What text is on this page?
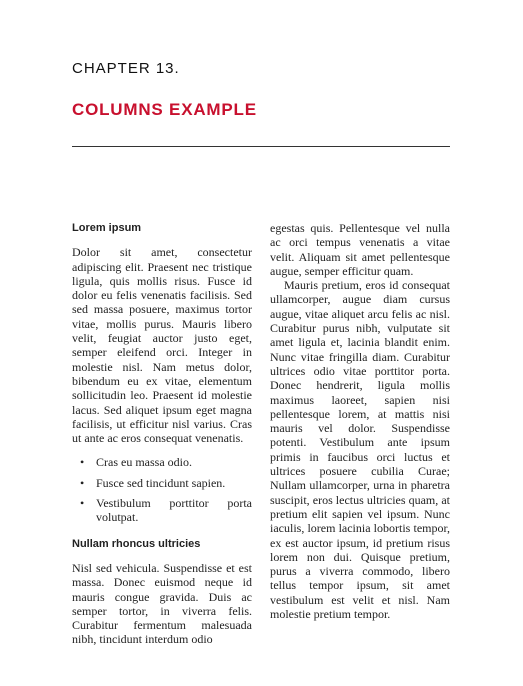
CHAPTER 13.
COLUMNS EXAMPLE
Lorem ipsum

Dolor sit amet, consectetur adipiscing elit. Praesent nec tristique ligula, quis mollis risus. Fusce id dolor eu felis venenatis facilisis. Sed sed massa posuere, maximus tortor vitae, mollis purus. Mauris libero velit, feugiat auctor justo eget, semper eleifend orci. Integer in molestie nisl. Nam metus dolor, bibendum eu ex vitae, elementum sollicitudin leo. Praesent id molestie lacus. Sed aliquet ipsum eget magna facilisis, ut efficitur nisl varius. Cras ut ante ac eros consequat venenatis.

• Cras eu massa odio.
• Fusce sed tincidunt sapien.
• Vestibulum porttitor porta volutpat.
Nullam rhoncus ultricies

Nisl sed vehicula. Suspendisse et est massa. Donec euismod neque id mauris congue gravida. Duis ac semper tortor, in viverra felis. Curabitur fermentum malesuada nibh, tincidunt interdum odio

egestas quis. Pellentesque vel nulla ac orci tempus venenatis a vitae velit. Aliquam sit amet pellentesque augue, semper efficitur quam.

Mauris pretium, eros id consequat ullamcorper, augue diam cursus augue, vitae aliquet arcu felis ac nisl. Curabitur purus nibh, vulputate sit amet ligula et, lacinia blandit enim. Nunc vitae fringilla diam. Curabitur ultrices odio vitae porttitor porta. Donec hendrerit, ligula mollis maximus laoreet, sapien nisi pellentesque lorem, at mattis nisi mauris vel dolor. Suspendisse potenti. Vestibulum ante ipsum primis in faucibus orci luctus et ultrices posuere cubilia Curae; Nullam ullamcorper, urna in pharetra suscipit, eros lectus ultricies quam, at pretium elit sapien vel ipsum. Nunc iaculis, lorem lacinia lobortis tempor, ex est auctor ipsum, id pretium risus lorem non dui. Quisque pretium, purus a viverra commodo, libero tellus tempor ipsum, sit amet vestibulum est velit et nisl. Nam molestie pretium tempor.
